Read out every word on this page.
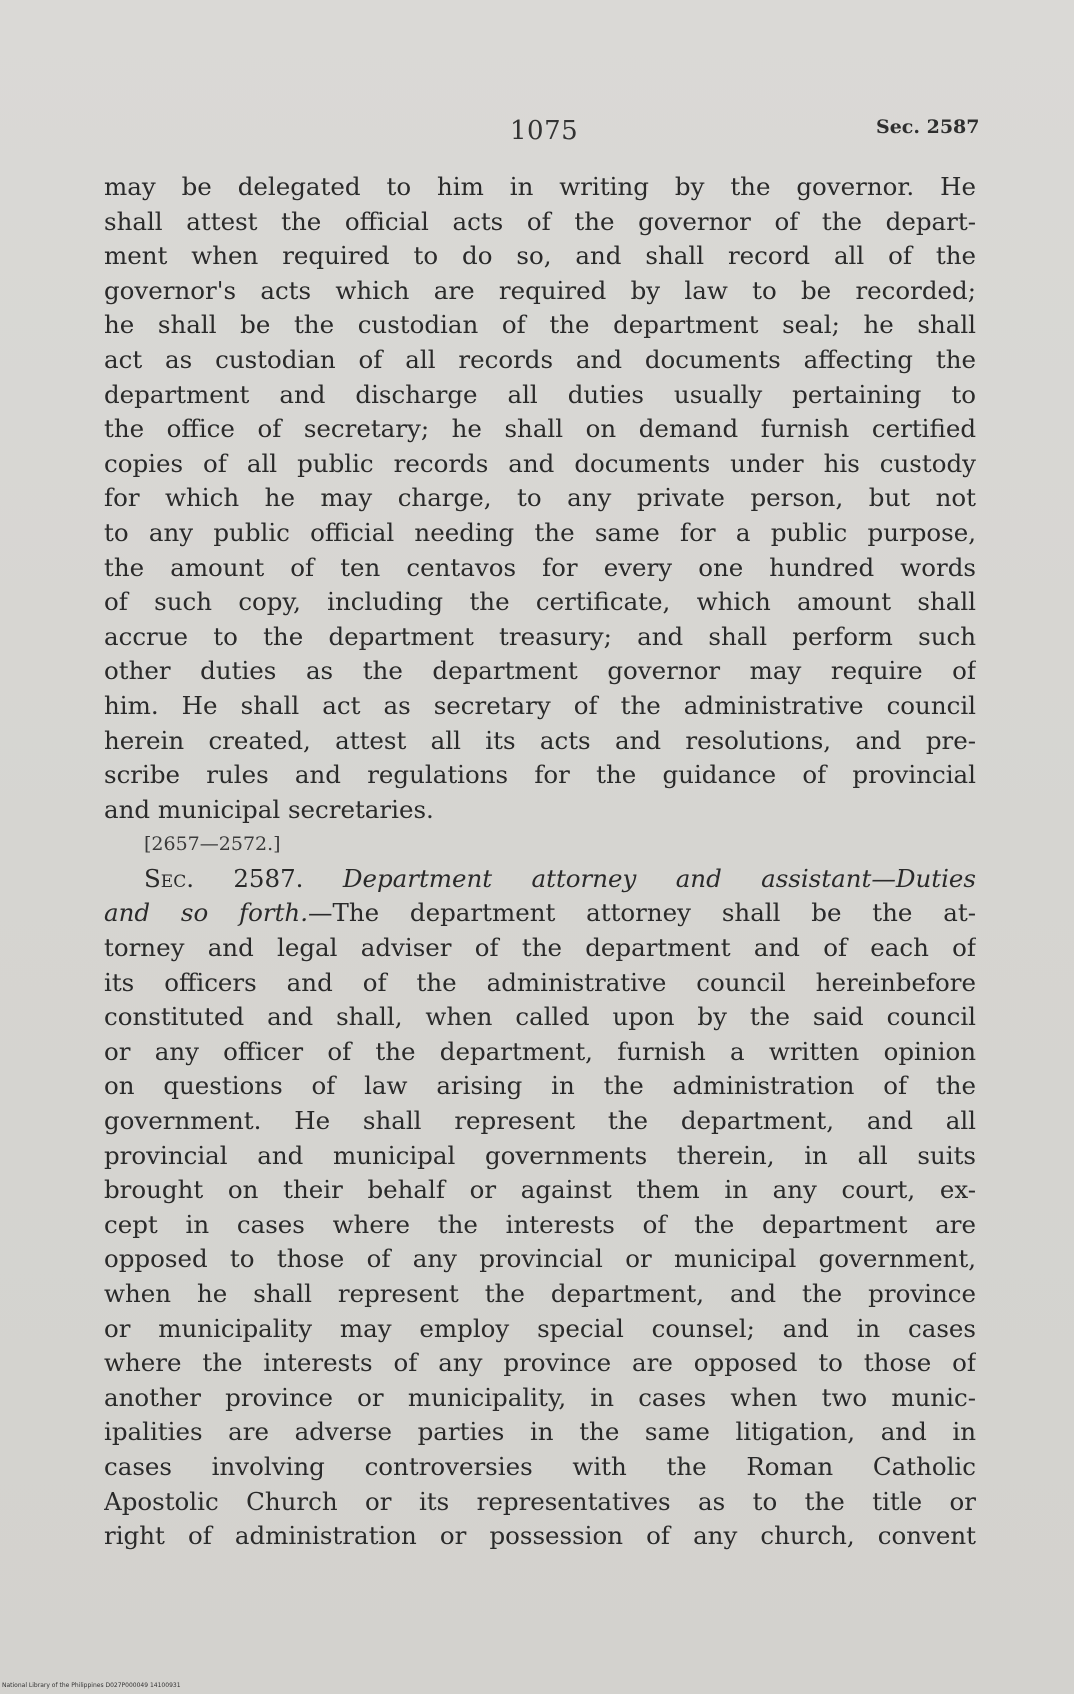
1075	Sec. 2587
may be delegated to him in writing by the governor. He
shall attest the official acts of the governor of the depart-
ment when required to do so, and shall record all of the
governor's acts which are required by law to be recorded;
he shall be the custodian of the department seal; he shall
act as custodian of all records and documents affecting the
department and discharge all duties usually pertaining to
the office of secretary; he shall on demand furnish certified
copies of all public records and documents under his custody
for which he may charge, to any private person, but not
to any public official needing the same for a public purpose,
the amount of ten centavos for every one hundred words
of such copy, including the certificate, which amount shall
accrue to the department treasury; and shall perform such
other duties as the department governor may require of
him. He shall act as secretary of the administrative council
herein created, attest all its acts and resolutions, and pre-
scribe rules and regulations for the guidance of provincial
and municipal secretaries.
[2657—2572.]
Sec. 2587. Department attorney and assistant—Duties
and so forth.—The department attorney shall be the at-
torney and legal adviser of the department and of each of
its officers and of the administrative council hereinbefore
constituted and shall, when called upon by the said council
or any officer of the department, furnish a written opinion
on questions of law arising in the administration of the
government. He shall represent the department, and all
provincial and municipal governments therein, in all suits
brought on their behalf or against them in any court, ex-
cept in cases where the interests of the department are
opposed to those of any provincial or municipal government,
when he shall represent the department, and the province
or municipality may employ special counsel; and in cases
where the interests of any province are opposed to those of
another province or municipality, in cases when two munic-
ipalities are adverse parties in the same litigation, and in
cases involving controversies with the Roman Catholic
Apostolic Church or its representatives as to the title or
right of administration or possession of any church, convent
National Library of the Philippines D027P000049 14100931
